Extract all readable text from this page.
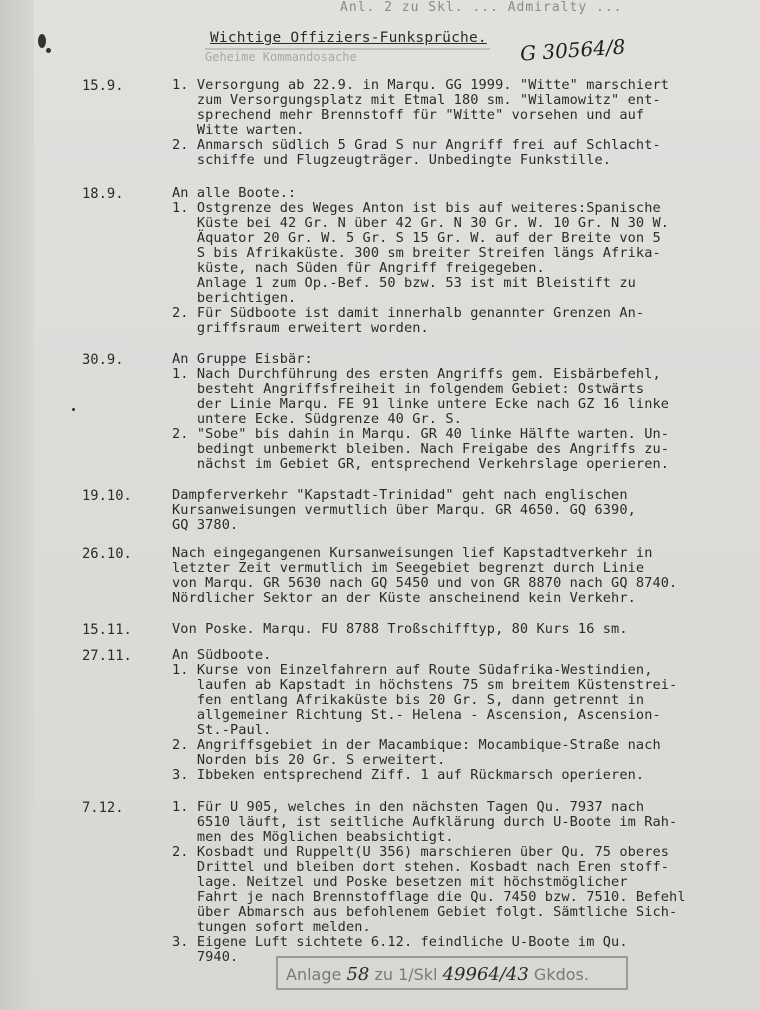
Anl. 2 zu Skl. ... Admiralty ...
Wichtige Offiziers-Funksprüche.
Geheime Kommandosache	G 30564/8
15.9.	1. Versorgung ab 22.9. in Marqu. GG 1999. "Witte" marschiert
zum Versorgungsplatz mit Etmal 180 sm. "Wilamowitz" ent-
sprechend mehr Brennstoff für "Witte" vorsehen und auf
Witte warten.
2. Anmarsch südlich 5 Grad S nur Angriff frei auf Schlacht-
schiffe und Flugzeugträger. Unbedingte Funkstille.
18.9.	An alle Boote.:
1. Ostgrenze des Weges Anton ist bis auf weiteres:Spanische
Küste bei 42 Gr. N über 42 Gr. N 30 Gr. W. 10 Gr. N 30 W.
Äquator 20 Gr. W. 5 Gr. S 15 Gr. W. auf der Breite von 5
S bis Afrikaküste. 300 sm breiter Streifen längs Afrika-
küste, nach Süden für Angriff freigegeben.
Anlage 1 zum Op.-Bef. 50 bzw. 53 ist mit Bleistift zu
berichtigen.
2. Für Südboote ist damit innerhalb genannter Grenzen An-
griffsraum erweitert worden.
30.9.	An Gruppe Eisbär:
1. Nach Durchführung des ersten Angriffs gem. Eisbärbefehl,
besteht Angriffsfreiheit in folgendem Gebiet: Ostwärts
der Linie Marqu. FE 91 linke untere Ecke nach GZ 16 linke
untere Ecke. Südgrenze 40 Gr. S.
2. "Sobe" bis dahin in Marqu. GR 40 linke Hälfte warten. Un-
bedingt unbemerkt bleiben. Nach Freigabe des Angriffs zu-
nächst im Gebiet GR, entsprechend Verkehrslage operieren.
19.10.	Dampferverkehr "Kapstadt-Trinidad" geht nach englischen
Kursanweisungen vermutlich über Marqu. GR 4650. GQ 6390,
GQ 3780.
26.10.	Nach eingegangenen Kursanweisungen lief Kapstadtverkehr in
letzter Zeit vermutlich im Seegebiet begrenzt durch Linie
von Marqu. GR 5630 nach GQ 5450 und von GR 8870 nach GQ 8740.
Nördlicher Sektor an der Küste anscheinend kein Verkehr.
15.11.	Von Poske. Marqu. FU 8788 Troßschifftyp, 80 Kurs 16 sm.
27.11.	An Südboote.
1. Kurse von Einzelfahrern auf Route Südafrika-Westindien,
laufen ab Kapstadt in höchstens 75 sm breitem Küstenstrei-
fen entlang Afrikaküste bis 20 Gr. S, dann getrennt in
allgemeiner Richtung St.- Helena - Ascension, Ascension-
St.-Paul.
2. Angriffsgebiet in der Macambique: Mocambique-Straße nach
Norden bis 20 Gr. S erweitert.
3. Ibbeken entsprechend Ziff. 1 auf Rückmarsch operieren.
7.12.	1. Für U 905, welches in den nächsten Tagen Qu. 7937 nach
6510 läuft, ist seitliche Aufklärung durch U-Boote im Rah-
men des Möglichen beabsichtigt.
2. Kosbadt und Ruppelt(U 356) marschieren über Qu. 75 oberes
Drittel und bleiben dort stehen. Kosbadt nach Eren stoff-
lage. Neitzel und Poske besetzen mit höchstmöglicher
Fahrt je nach Brennstofflage die Qu. 7450 bzw. 7510. Befehl
über Abmarsch aus befohlenem Gebiet folgt. Sämtliche Sich-
tungen sofort melden.
3. Eigene Luft sichtete 6.12. feindliche U-Boote im Qu.
7940.
Anlage 58 zu 1/Skl 49964/43 Gkdos.
